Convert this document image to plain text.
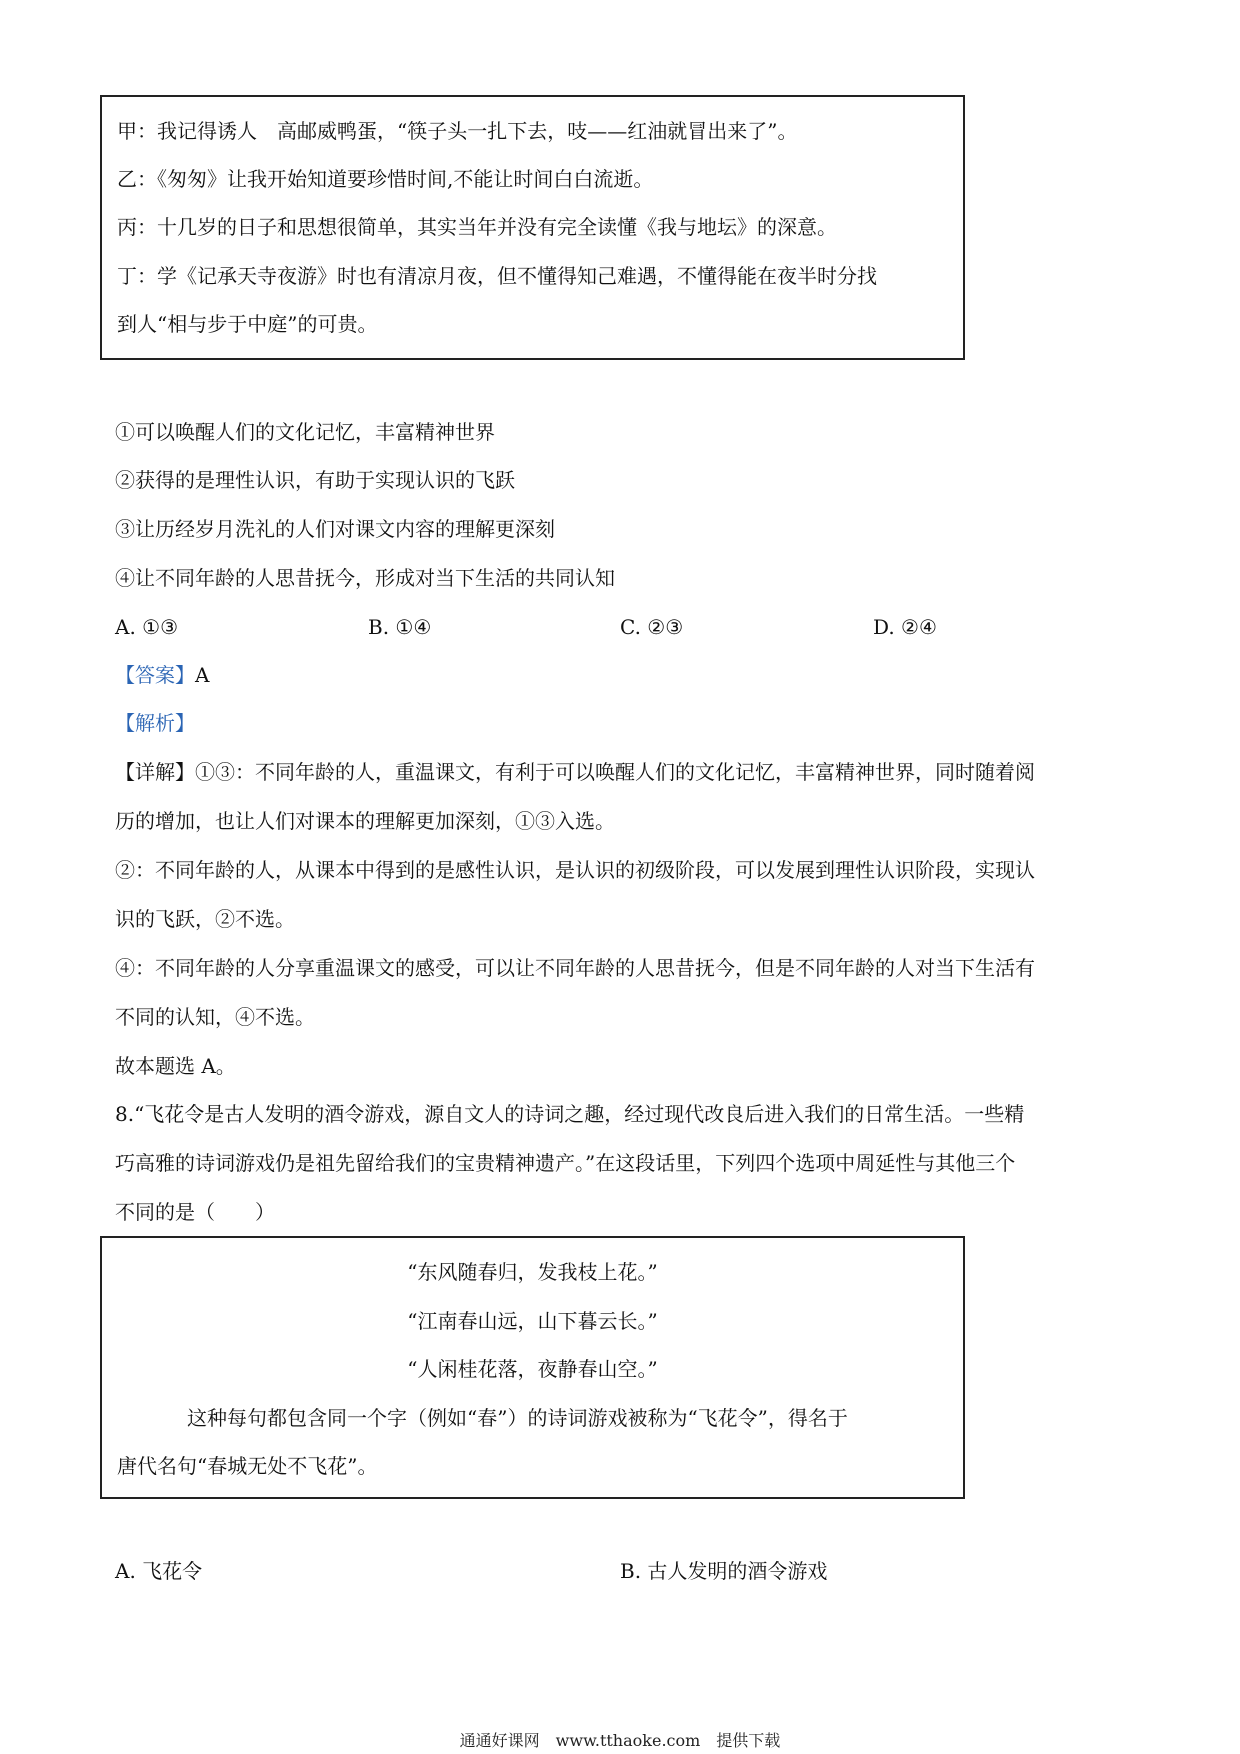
甲：我记得诱人　高邮威鸭蛋，“筷子头一扎下去，吱——红油就冒出来了”。
乙：《匆匆》让我开始知道要珍惜时间,不能让时间白白流逝。
丙：十几岁的日子和思想很简单，其实当年并没有完全读懂《我与地坛》的深意。
丁：学《记承天寺夜游》时也有清凉月夜，但不懂得知己难遇，不懂得能在夜半时分找
到人“相与步于中庭”的可贵。
①可以唤醒人们的文化记忆，丰富精神世界
②获得的是理性认识，有助于实现认识的飞跃
③让历经岁月洗礼的人们对课文内容的理解更深刻
④让不同年龄的人思昔抚今，形成对当下生活的共同认知
A. ①③	B. ①④	C. ②③	D. ②④
【答案】A
【解析】
【详解】①③：不同年龄的人，重温课文，有利于可以唤醒人们的文化记忆，丰富精神世界，同时随着阅
历的增加，也让人们对课本的理解更加深刻，①③入选。
②：不同年龄的人，从课本中得到的是感性认识，是认识的初级阶段，可以发展到理性认识阶段，实现认
识的飞跃，②不选。
④：不同年龄的人分享重温课文的感受，可以让不同年龄的人思昔抚今，但是不同年龄的人对当下生活有
不同的认知，④不选。
故本题选 A。
8.“飞花令是古人发明的酒令游戏，源自文人的诗词之趣，经过现代改良后进入我们的日常生活。一些精
巧高雅的诗词游戏仍是祖先留给我们的宝贵精神遗产。”在这段话里，下列四个选项中周延性与其他三个
不同的是（　　）
“东风随春归，发我枝上花。”
“江南春山远，山下暮云长。”
“人闲桂花落，夜静春山空。”
这种每句都包含同一个字（例如“春”）的诗词游戏被称为“飞花令”，得名于
唐代名句“春城无处不飞花”。
A. 飞花令	B. 古人发明的酒令游戏
通通好课网　www.tthaoke.com　提供下载
